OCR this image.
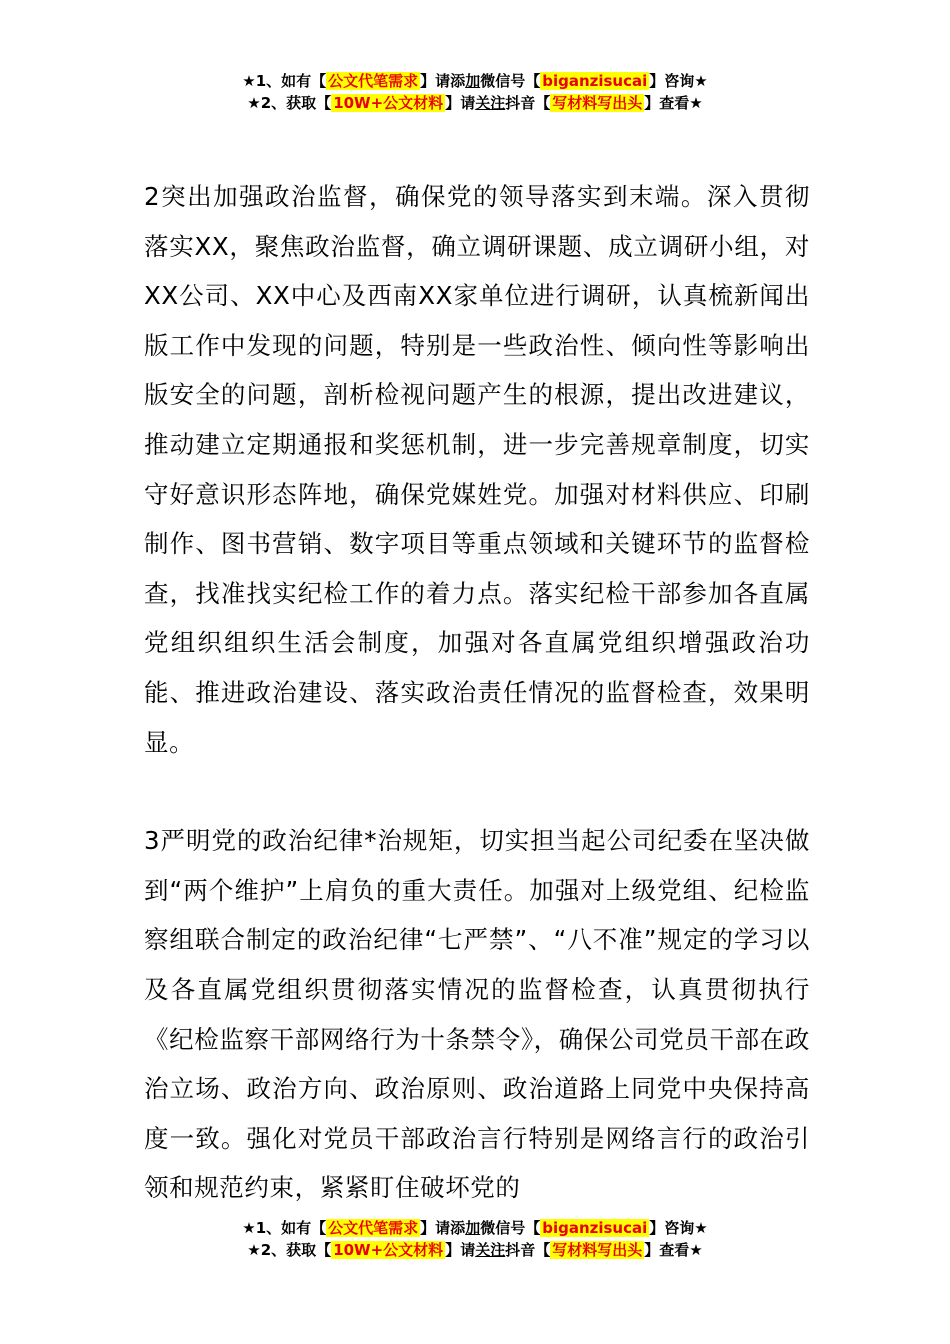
★1、如有【 公文代笔需求 】请添加微信号【 biganzisucai 】咨询★
★2、获取【 10W+公文材料 】请关注抖音【 写材料写出头 】查看★

2突出加强政治监督，确保党的领导落实到末端。深入贯彻落实XX，聚焦政治监督，确立调研课题、成立调研小组，对XX公司、XX中心及西南XX家单位进行调研，认真梳新闻出版工作中发现的问题，特别是一些政治性、倾向性等影响出版安全的问题，剖析检视问题产生的根源，提出改进建议，推动建立定期通报和奖惩机制，进一步完善规章制度，切实守好意识形态阵地，确保党媒姓党。加强对材料供应、印刷制作、图书营销、数字项目等重点领域和关键环节的监督检查，找准找实纪检工作的着力点。落实纪检干部参加各直属党组织组织生活会制度，加强对各直属党组织增强政治功能、推进政治建设、落实政治责任情况的监督检查，效果明显。

3严明党的政治纪律*治规矩，切实担当起公司纪委在坚决做到“两个维护”上肩负的重大责任。加强对上级党组、纪检监察组联合制定的政治纪律“七严禁”、“八不准”规定的学习以及各直属党组织贯彻落实情况的监督检查，认真贯彻执行《纪检监察干部网络行为十条禁令》，确保公司党员干部在政治立场、政治方向、政治原则、政治道路上同党中央保持高度一致。强化对党员干部政治言行特别是网络言行的政治引领和规范约束，紧紧盯住破坏党的

★1、如有【 公文代笔需求 】请添加微信号【 biganzisucai 】咨询★
★2、获取【 10W+公文材料 】请关注抖音【 写材料写出头 】查看★
